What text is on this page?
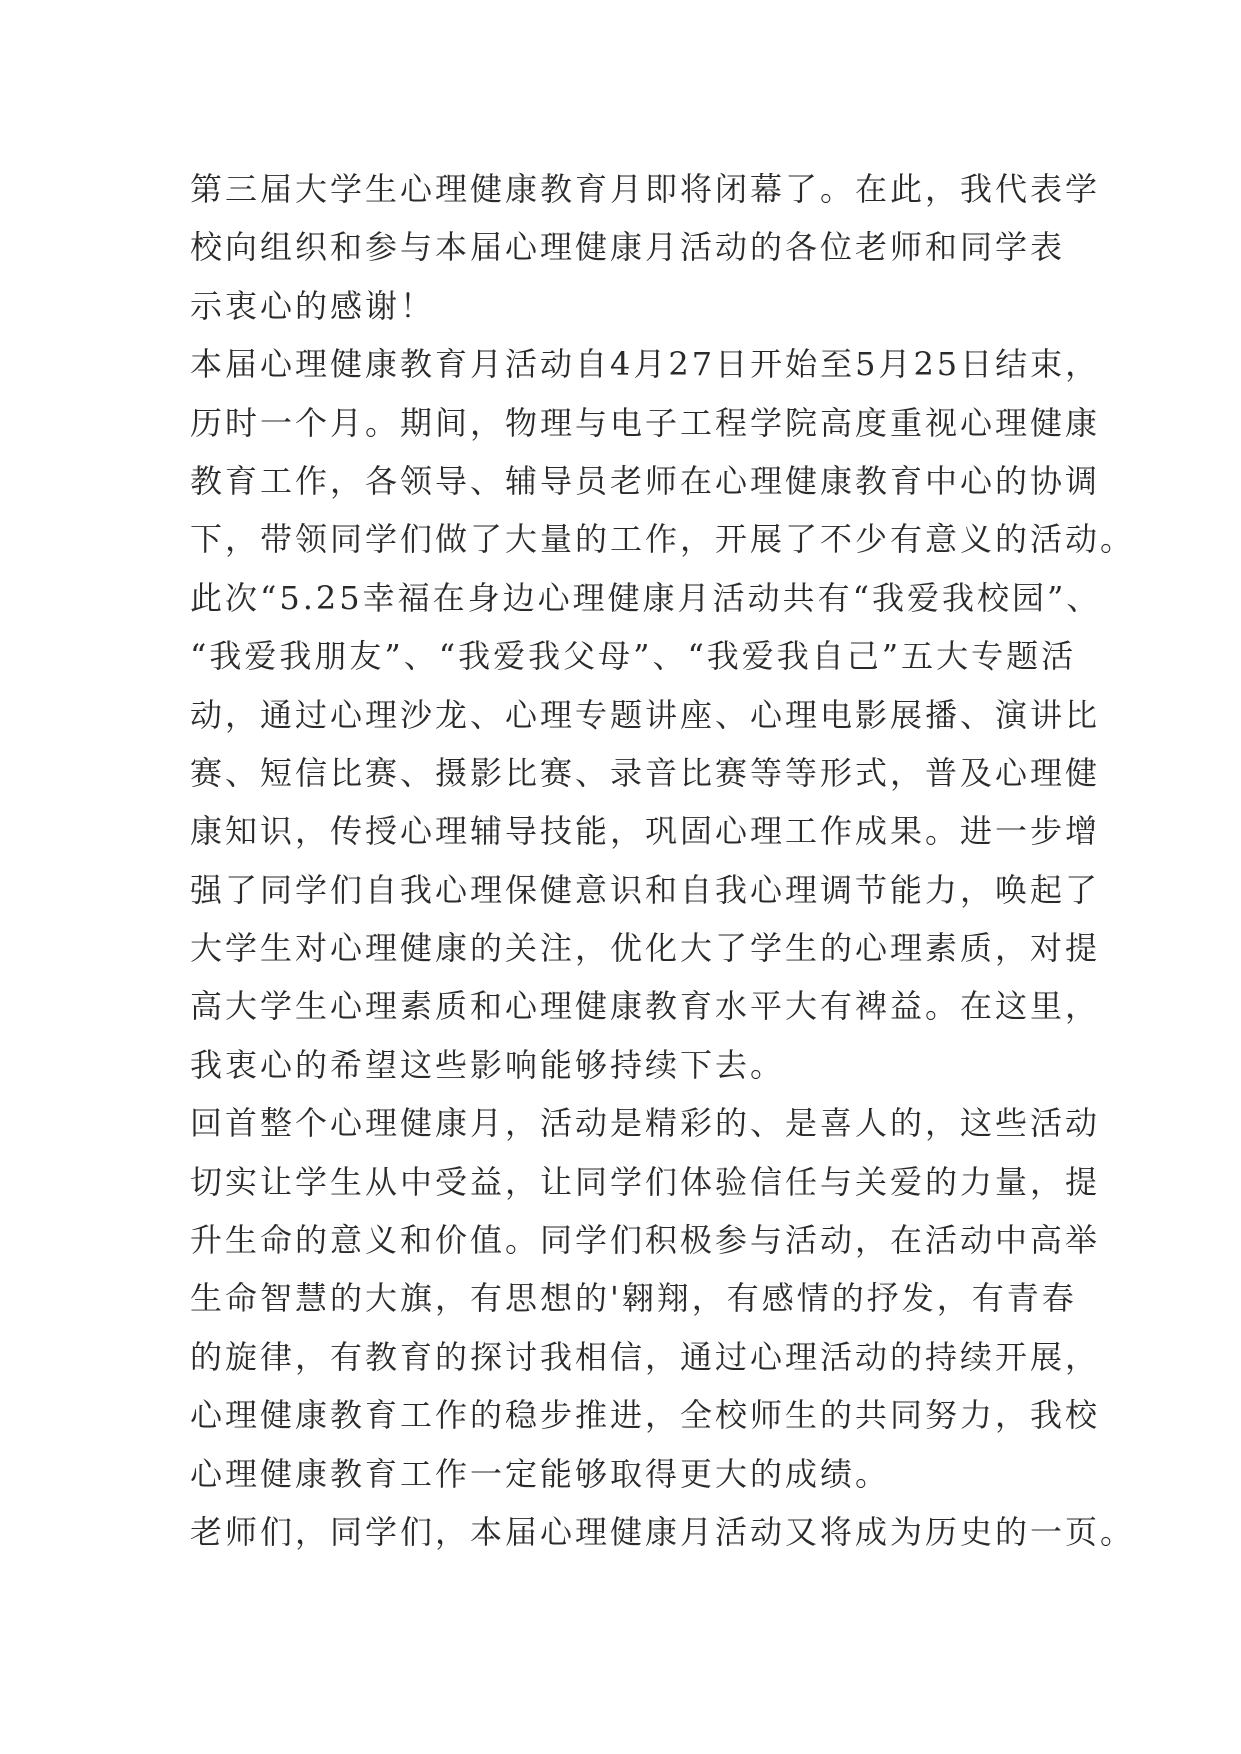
第三届大学生心理健康教育月即将闭幕了。在此，我代表学
校向组织和参与本届心理健康月活动的各位老师和同学表
示衷心的感谢！
本届心理健康教育月活动自4月27日开始至5月25日结束，
历时一个月。期间，物理与电子工程学院高度重视心理健康
教育工作，各领导、辅导员老师在心理健康教育中心的协调
下，带领同学们做了大量的工作，开展了不少有意义的活动。
此次“5.25幸福在身边心理健康月活动共有“我爱我校园”、
“我爱我朋友”、“我爱我父母”、“我爱我自己”五大专题活
动，通过心理沙龙、心理专题讲座、心理电影展播、演讲比
赛、短信比赛、摄影比赛、录音比赛等等形式，普及心理健
康知识，传授心理辅导技能，巩固心理工作成果。进一步增
强了同学们自我心理保健意识和自我心理调节能力，唤起了
大学生对心理健康的关注，优化大了学生的心理素质，对提
高大学生心理素质和心理健康教育水平大有裨益。在这里，
我衷心的希望这些影响能够持续下去。
回首整个心理健康月，活动是精彩的、是喜人的，这些活动
切实让学生从中受益，让同学们体验信任与关爱的力量，提
升生命的意义和价值。同学们积极参与活动，在活动中高举
生命智慧的大旗，有思想的'翱翔，有感情的抒发，有青春
的旋律，有教育的探讨我相信，通过心理活动的持续开展，
心理健康教育工作的稳步推进，全校师生的共同努力，我校
心理健康教育工作一定能够取得更大的成绩。
老师们，同学们，本届心理健康月活动又将成为历史的一页。
